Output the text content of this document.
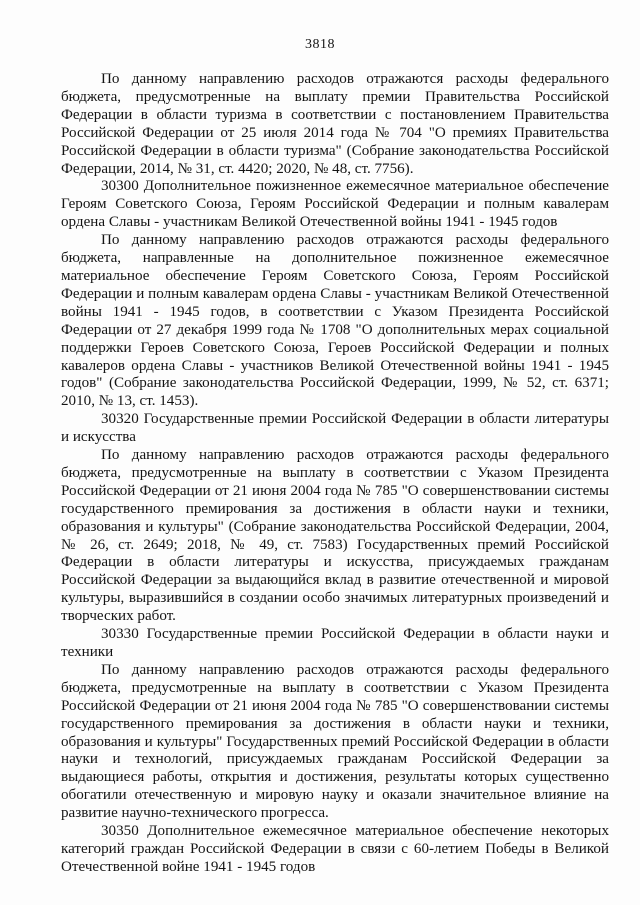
3818

По данному направлению расходов отражаются расходы федерального бюджета, предусмотренные на выплату премии Правительства Российской Федерации в области туризма в соответствии с постановлением Правительства Российской Федерации от 25 июля 2014 года № 704 "О премиях Правительства Российской Федерации в области туризма" (Собрание законодательства Российской Федерации, 2014, № 31, ст. 4420; 2020, № 48, ст. 7756).

30300 Дополнительное пожизненное ежемесячное материальное обеспечение Героям Советского Союза, Героям Российской Федерации и полным кавалерам ордена Славы - участникам Великой Отечественной войны 1941 - 1945 годов

По данному направлению расходов отражаются расходы федерального бюджета, направленные на дополнительное пожизненное ежемесячное материальное обеспечение Героям Советского Союза, Героям Российской Федерации и полным кавалерам ордена Славы - участникам Великой Отечественной войны 1941 - 1945 годов, в соответствии с Указом Президента Российской Федерации от 27 декабря 1999 года № 1708 "О дополнительных мерах социальной поддержки Героев Советского Союза, Героев Российской Федерации и полных кавалеров ордена Славы - участников Великой Отечественной войны 1941 - 1945 годов" (Собрание законодательства Российской Федерации, 1999, № 52, ст. 6371; 2010, № 13, ст. 1453).

30320 Государственные премии Российской Федерации в области литературы и искусства

По данному направлению расходов отражаются расходы федерального бюджета, предусмотренные на выплату в соответствии с Указом Президента Российской Федерации от 21 июня 2004 года № 785 "О совершенствовании системы государственного премирования за достижения в области науки и техники, образования и культуры" (Собрание законодательства Российской Федерации, 2004, № 26, ст. 2649; 2018, № 49, ст. 7583) Государственных премий Российской Федерации в области литературы и искусства, присуждаемых гражданам Российской Федерации за выдающийся вклад в развитие отечественной и мировой культуры, выразившийся в создании особо значимых литературных произведений и творческих работ.

30330 Государственные премии Российской Федерации в области науки и техники

По данному направлению расходов отражаются расходы федерального бюджета, предусмотренные на выплату в соответствии с Указом Президента Российской Федерации от 21 июня 2004 года № 785 "О совершенствовании системы государственного премирования за достижения в области науки и техники, образования и культуры" Государственных премий Российской Федерации в области науки и технологий, присуждаемых гражданам Российской Федерации за выдающиеся работы, открытия и достижения, результаты которых существенно обогатили отечественную и мировую науку и оказали значительное влияние на развитие научно-технического прогресса.

30350 Дополнительное ежемесячное материальное обеспечение некоторых категорий граждан Российской Федерации в связи с 60-летием Победы в Великой Отечественной войне 1941 - 1945 годов
